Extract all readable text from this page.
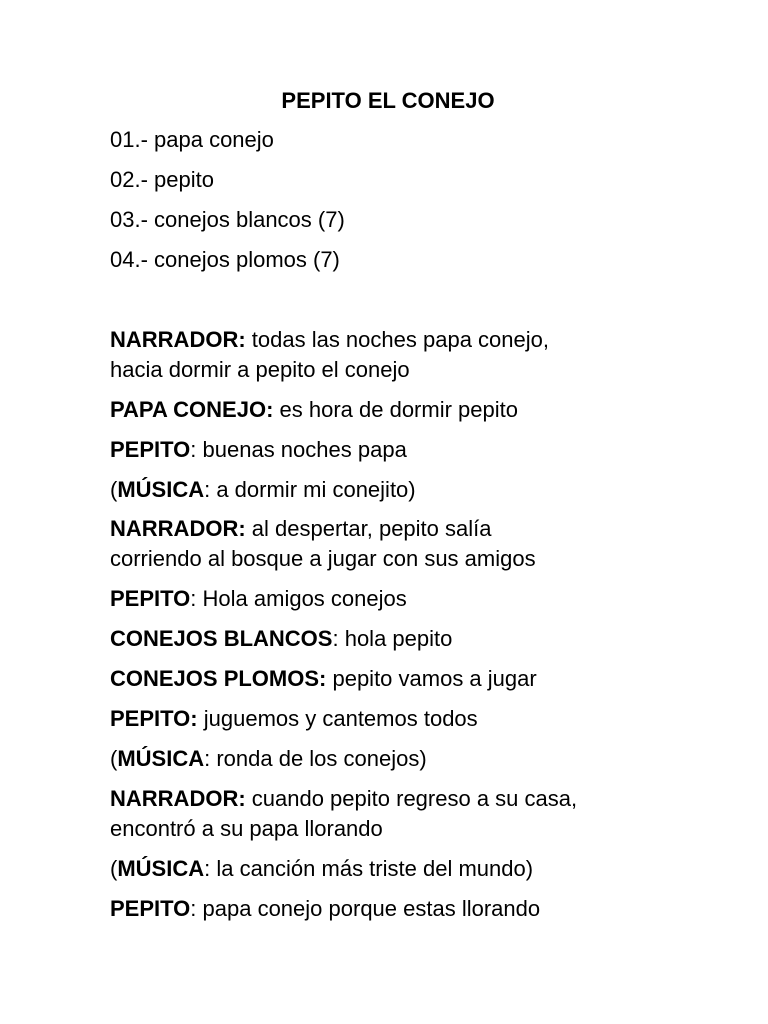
PEPITO EL CONEJO
01.- papa conejo
02.- pepito
03.- conejos blancos (7)
04.- conejos plomos (7)
NARRADOR: todas las noches papa conejo,
hacia dormir a pepito el conejo
PAPA CONEJO: es hora de dormir pepito
PEPITO: buenas noches papa
(MÚSICA: a dormir mi conejito)
NARRADOR: al despertar, pepito salía
corriendo al bosque a jugar con sus amigos
PEPITO: Hola amigos conejos
CONEJOS BLANCOS: hola pepito
CONEJOS PLOMOS: pepito vamos a jugar
PEPITO: juguemos y cantemos todos
(MÚSICA: ronda de los conejos)
NARRADOR: cuando pepito regreso a su casa,
encontró a su papa llorando
(MÚSICA: la canción más triste del mundo)
PEPITO: papa conejo porque estas llorando
